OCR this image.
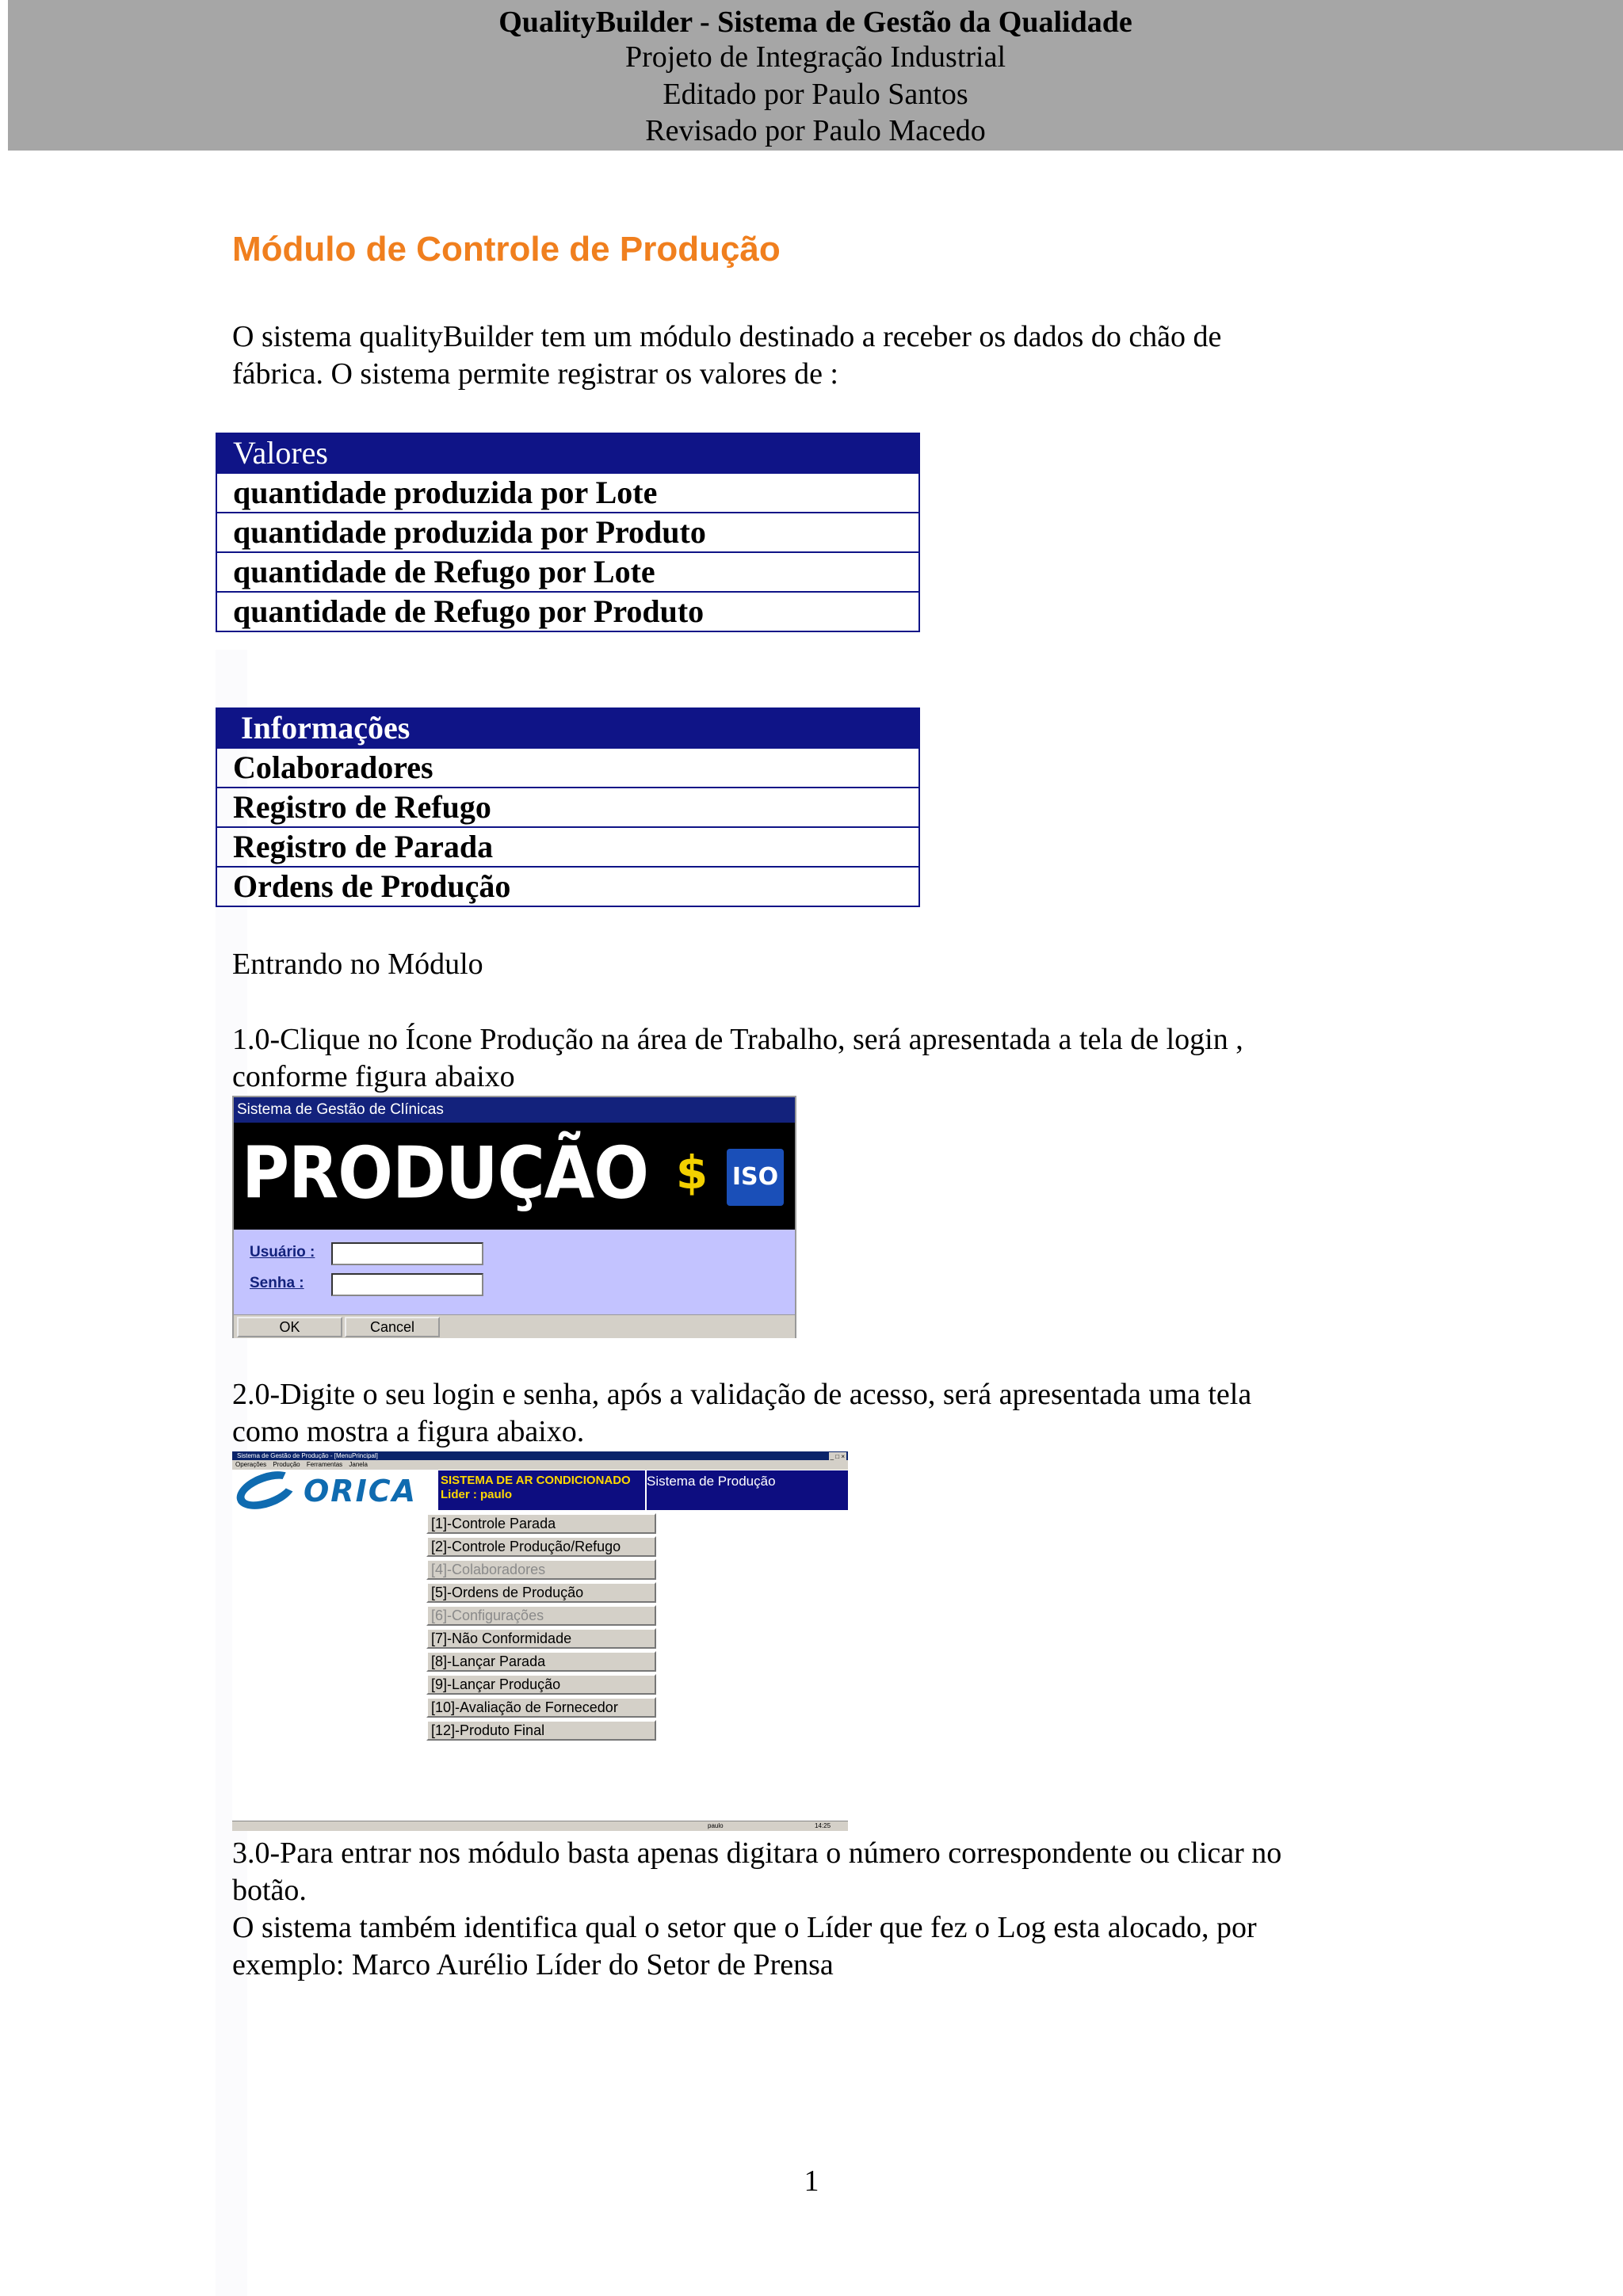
QualityBuilder - Sistema de Gestão da Qualidade
Projeto de Integração Industrial
Editado por Paulo Santos
Revisado por Paulo Macedo
Módulo de Controle de Produção
O sistema qualityBuilder tem um módulo destinado a receber os dados do chão de
fábrica. O sistema permite registrar os valores de :
Valores
quantidade produzida por Lote
quantidade produzida por Produto
quantidade de Refugo por Lote
quantidade de Refugo por Produto
Informações
Colaboradores
Registro de Refugo
Registro de Parada
Ordens de Produção
Entrando no Módulo
1.0-Clique no Ícone Produção na área de Trabalho, será apresentada a tela de login ,
conforme figura abaixo
Sistema de Gestão de Clínicas
PRODUÇÃO $ ISO
Usuário :
Senha :
OK	Cancel
2.0-Digite o seu login e senha, após a validação de acesso, será apresentada uma tela
como mostra a figura abaixo.
Sistema de Gestão de Produção - [MenuPrincipal]	_ □ ×
Operações Produção Ferramentas Janela
ORICA SISTEMA DE AR CONDICIONADO
Lider : paulo
Sistema de Produção
[1]-Controle Parada
[2]-Controle Produção/Refugo
[4]-Colaboradores
[5]-Ordens de Produção
[6]-Configurações
[7]-Não Conformidade
[8]-Lançar Parada
[9]-Lançar Produção
[10]-Avaliação de Fornecedor
[12]-Produto Final
paulo	14:25
3.0-Para entrar nos módulo basta apenas digitara o número correspondente ou clicar no
botão.
O sistema também identifica qual o setor que o Líder que fez o Log esta alocado, por
exemplo: Marco Aurélio Líder do Setor de Prensa
1
